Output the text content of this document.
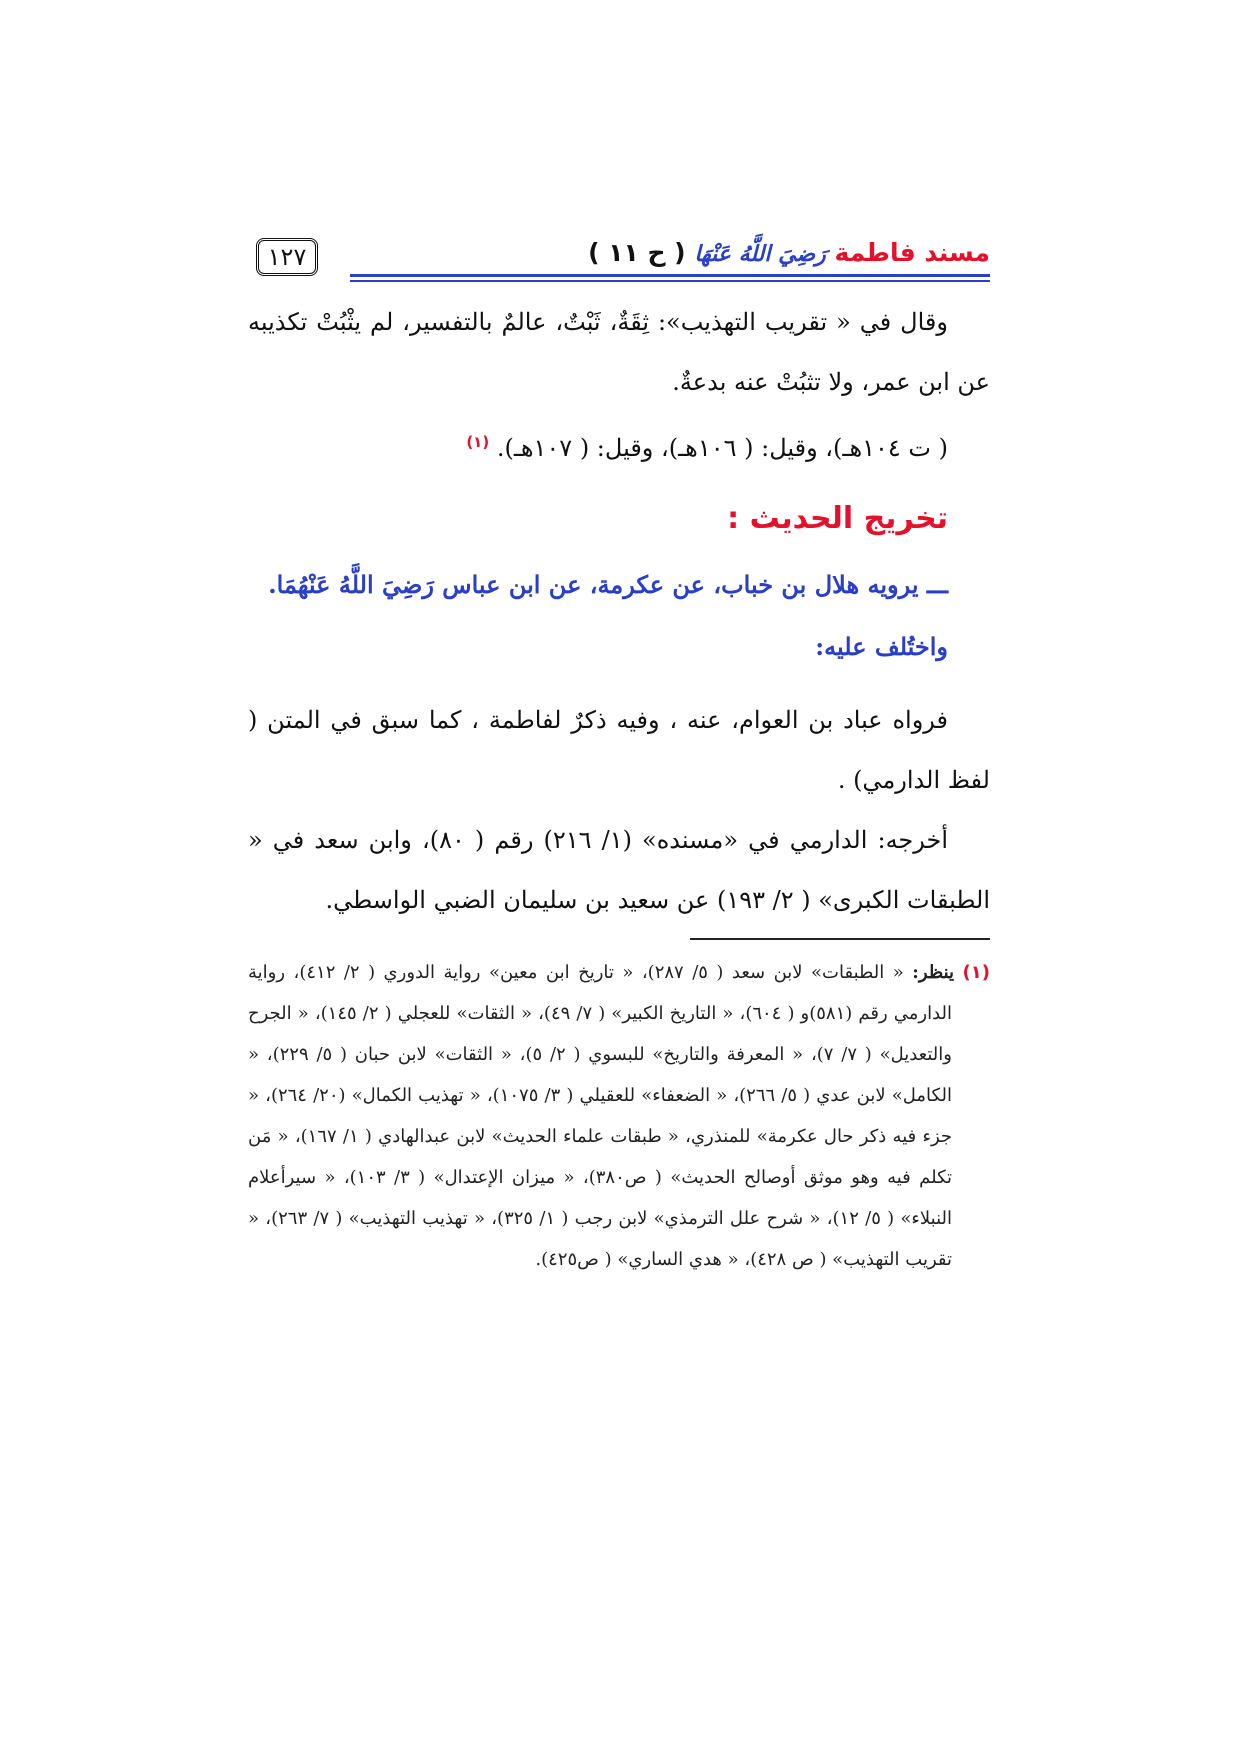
١٢٧	مسند فاطمة رَضِيَ اللَّهُ عَنْهَا ( ح ١١ )

وقال في « تقريب التهذيب»: ثِقَةٌ، ثَبْتٌ، عالمٌ بالتفسير، لم يثْبُتْ تكذيبه عن ابن عمر، ولا تثبُتْ عنه بدعةٌ.

( ت ١٠٤هـ)، وقيل: ( ١٠٦هـ)، وقيل: ( ١٠٧هـ). $^{(١)}$

تخريج الحديث :

ـــ يرويه هلال بن خباب، عن عكرمة، عن ابن عباس رَضِيَ اللَّهُ عَنْهُمَا.

واختُلف عليه:

فرواه عباد بن العوام، عنه ، وفيه ذكرٌ لفاطمة ، كما سبق في المتن ( لفظ الدارمي) .

أخرجه: الدارمي في «مسنده» (١/ ٢١٦) رقم ( ٨٠)، وابن سعد في « الطبقات الكبرى» ( ٢/ ١٩٣) عن سعيد بن سليمان الضبي الواسطي.

(١) ينظر: « الطبقات» لابن سعد ( ٥/ ٢٨٧)، « تاريخ ابن معين» رواية الدوري ( ٢/ ٤١٢)، رواية الدارمي رقم (٥٨١)و ( ٦٠٤)، « التاريخ الكبير» ( ٧/ ٤٩)، « الثقات» للعجلي ( ٢/ ١٤٥)، « الجرح والتعديل» ( ٧/ ٧)، « المعرفة والتاريخ» للبسوي ( ٢/ ٥)، « الثقات» لابن حبان ( ٥/ ٢٢٩)، « الكامل» لابن عدي ( ٥/ ٢٦٦)، « الضعفاء» للعقيلي ( ٣/ ١٠٧٥)، « تهذيب الكمال» (٢٠/ ٢٦٤)، « جزء فيه ذكر حال عكرمة» للمنذري، « طبقات علماء الحديث» لابن عبدالهادي ( ١/ ١٦٧)، « مَن تكلم فيه وهو موثق أوصالح الحديث» ( ص٣٨٠)، « ميزان الإعتدال» ( ٣/ ١٠٣)، « سيرأعلام النبلاء» ( ٥/ ١٢)، « شرح علل الترمذي» لابن رجب ( ١/ ٣٢٥)، « تهذيب التهذيب» ( ٧/ ٢٦٣)، « تقريب التهذيب» ( ص ٤٢٨)، « هدي الساري» ( ص٤٢٥).
